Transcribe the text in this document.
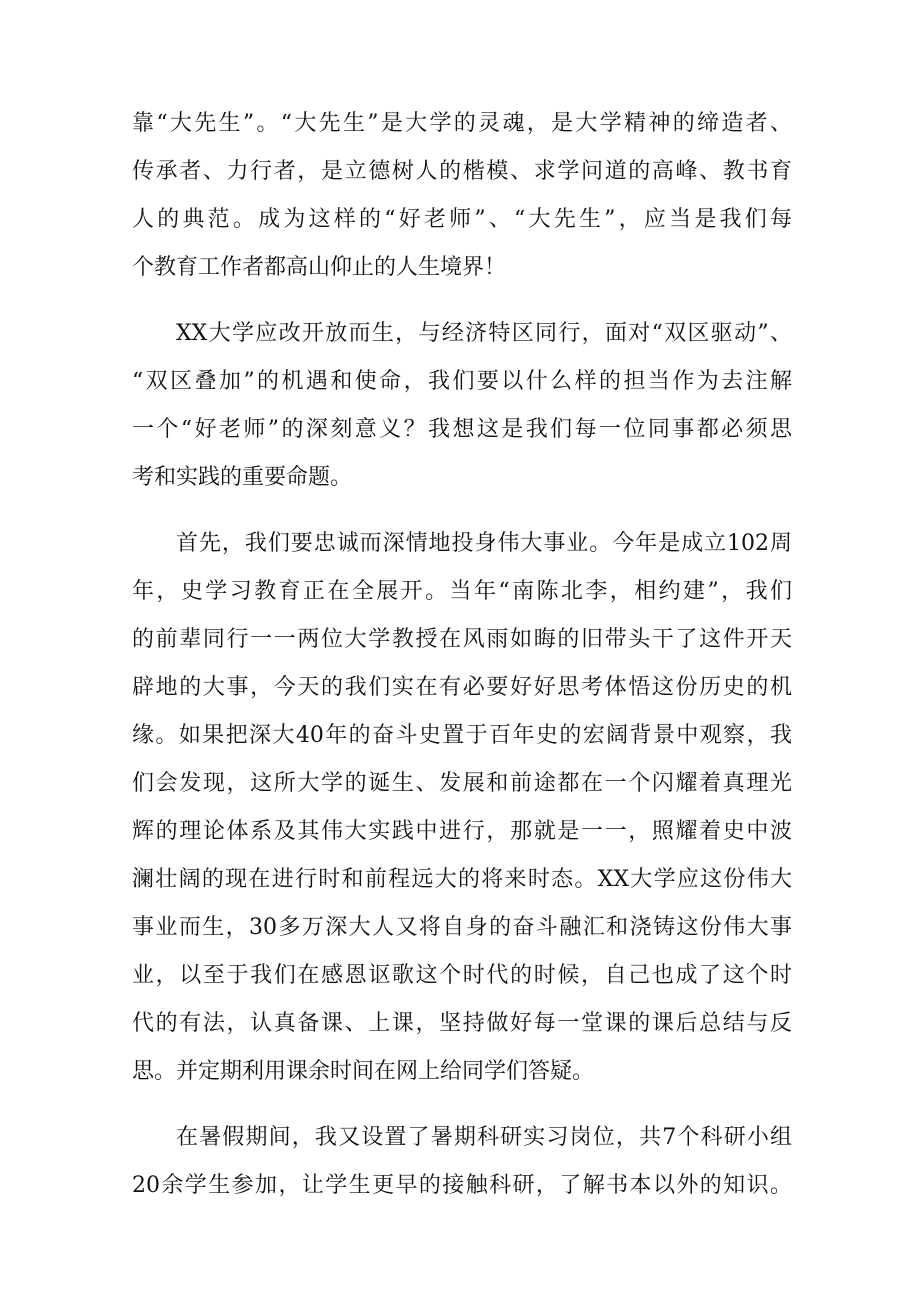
靠“大先生”。“大先生”是大学的灵魂，是大学精神的缔造者、
传承者、力行者，是立德树人的楷模、求学问道的高峰、教书育
人的典范。成为这样的“好老师”、“大先生”，应当是我们每
个教育工作者都高山仰止的人生境界！
XX大学应改开放而生，与经济特区同行，面对“双区驱动”、
“双区叠加”的机遇和使命，我们要以什么样的担当作为去注解
一个“好老师”的深刻意义？我想这是我们每一位同事都必须思
考和实践的重要命题。
首先，我们要忠诚而深情地投身伟大事业。今年是成立102周
年，史学习教育正在全展开。当年“南陈北李，相约建”，我们
的前辈同行一一两位大学教授在风雨如晦的旧带头干了这件开天
辟地的大事，今天的我们实在有必要好好思考体悟这份历史的机
缘。如果把深大40年的奋斗史置于百年史的宏阔背景中观察，我
们会发现，这所大学的诞生、发展和前途都在一个闪耀着真理光
辉的理论体系及其伟大实践中进行，那就是一一，照耀着史中波
澜壮阔的现在进行时和前程远大的将来时态。XX大学应这份伟大
事业而生，30多万深大人又将自身的奋斗融汇和浇铸这份伟大事
业，以至于我们在感恩讴歌这个时代的时候，自己也成了这个时
代的有法，认真备课、上课，坚持做好每一堂课的课后总结与反
思。并定期利用课余时间在网上给同学们答疑。
在暑假期间，我又设置了暑期科研实习岗位，共7个科研小组
20余学生参加，让学生更早的接触科研，了解书本以外的知识。
